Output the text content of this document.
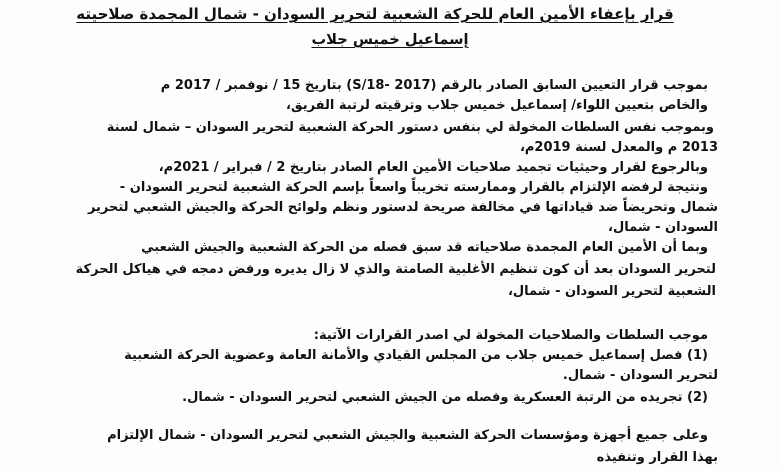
قرار بإعفاء الأمين العام للحركة الشعبية لتحرير السودان - شمال المجمدة صلاحيته
إسماعيل خميس جلاب
بموجب قرار التعيين السابق الصادر بالرقم (S/18- 2017) بتاريخ 15 / نوفمبر / 2017 م
والخاص بتعيين اللواء/ إسماعيل خميس جلاب وترقيته لرتبة الفريق،
وبموجب نفس السلطات المخولة لي بنفس دستور الحركة الشعبية لتحرير السودان – شمال لسنة
2013 م والمعدل لسنة 2019م،
وبالرجوع لقرار وحيثيات تجميد صلاحيات الأمين العام الصادر بتاريخ 2 / فبراير / 2021م،
ونتيجة لرفضه الإلتزام بالقرار وممارسته تخريباً واسعاً بإسم الحركة الشعبية لتحرير السودان -
شمال وتحريضاً ضد قياداتها في مخالفة صريحة لدستور ونظم ولوائح الحركة والجيش الشعبي لتحرير
السودان - شمال،
وبما أن الأمين العام المجمدة صلاحياته قد سبق فصله من الحركة الشعبية والجيش الشعبي
لتحرير السودان بعد أن كون تنظيم الأغلبية الصامتة والذي لا زال يديره ورفض دمجه في هياكل الحركة
الشعبية لتحرير السودان - شمال،
موجب السلطات والصلاحيات المخولة لي اصدر القرارات الآتية:
(1) فصل إسماعيل خميس جلاب من المجلس القيادي والأمانة العامة وعضوية الحركة الشعبية
لتحرير السودان - شمال.
(2) تجريده من الرتبة العسكرية وفصله من الجيش الشعبي لتحرير السودان - شمال.
وعلى جميع أجهزة ومؤسسات الحركة الشعبية والجيش الشعبي لتحرير السودان - شمال الإلتزام
بهذا القرار وتنفيذه
